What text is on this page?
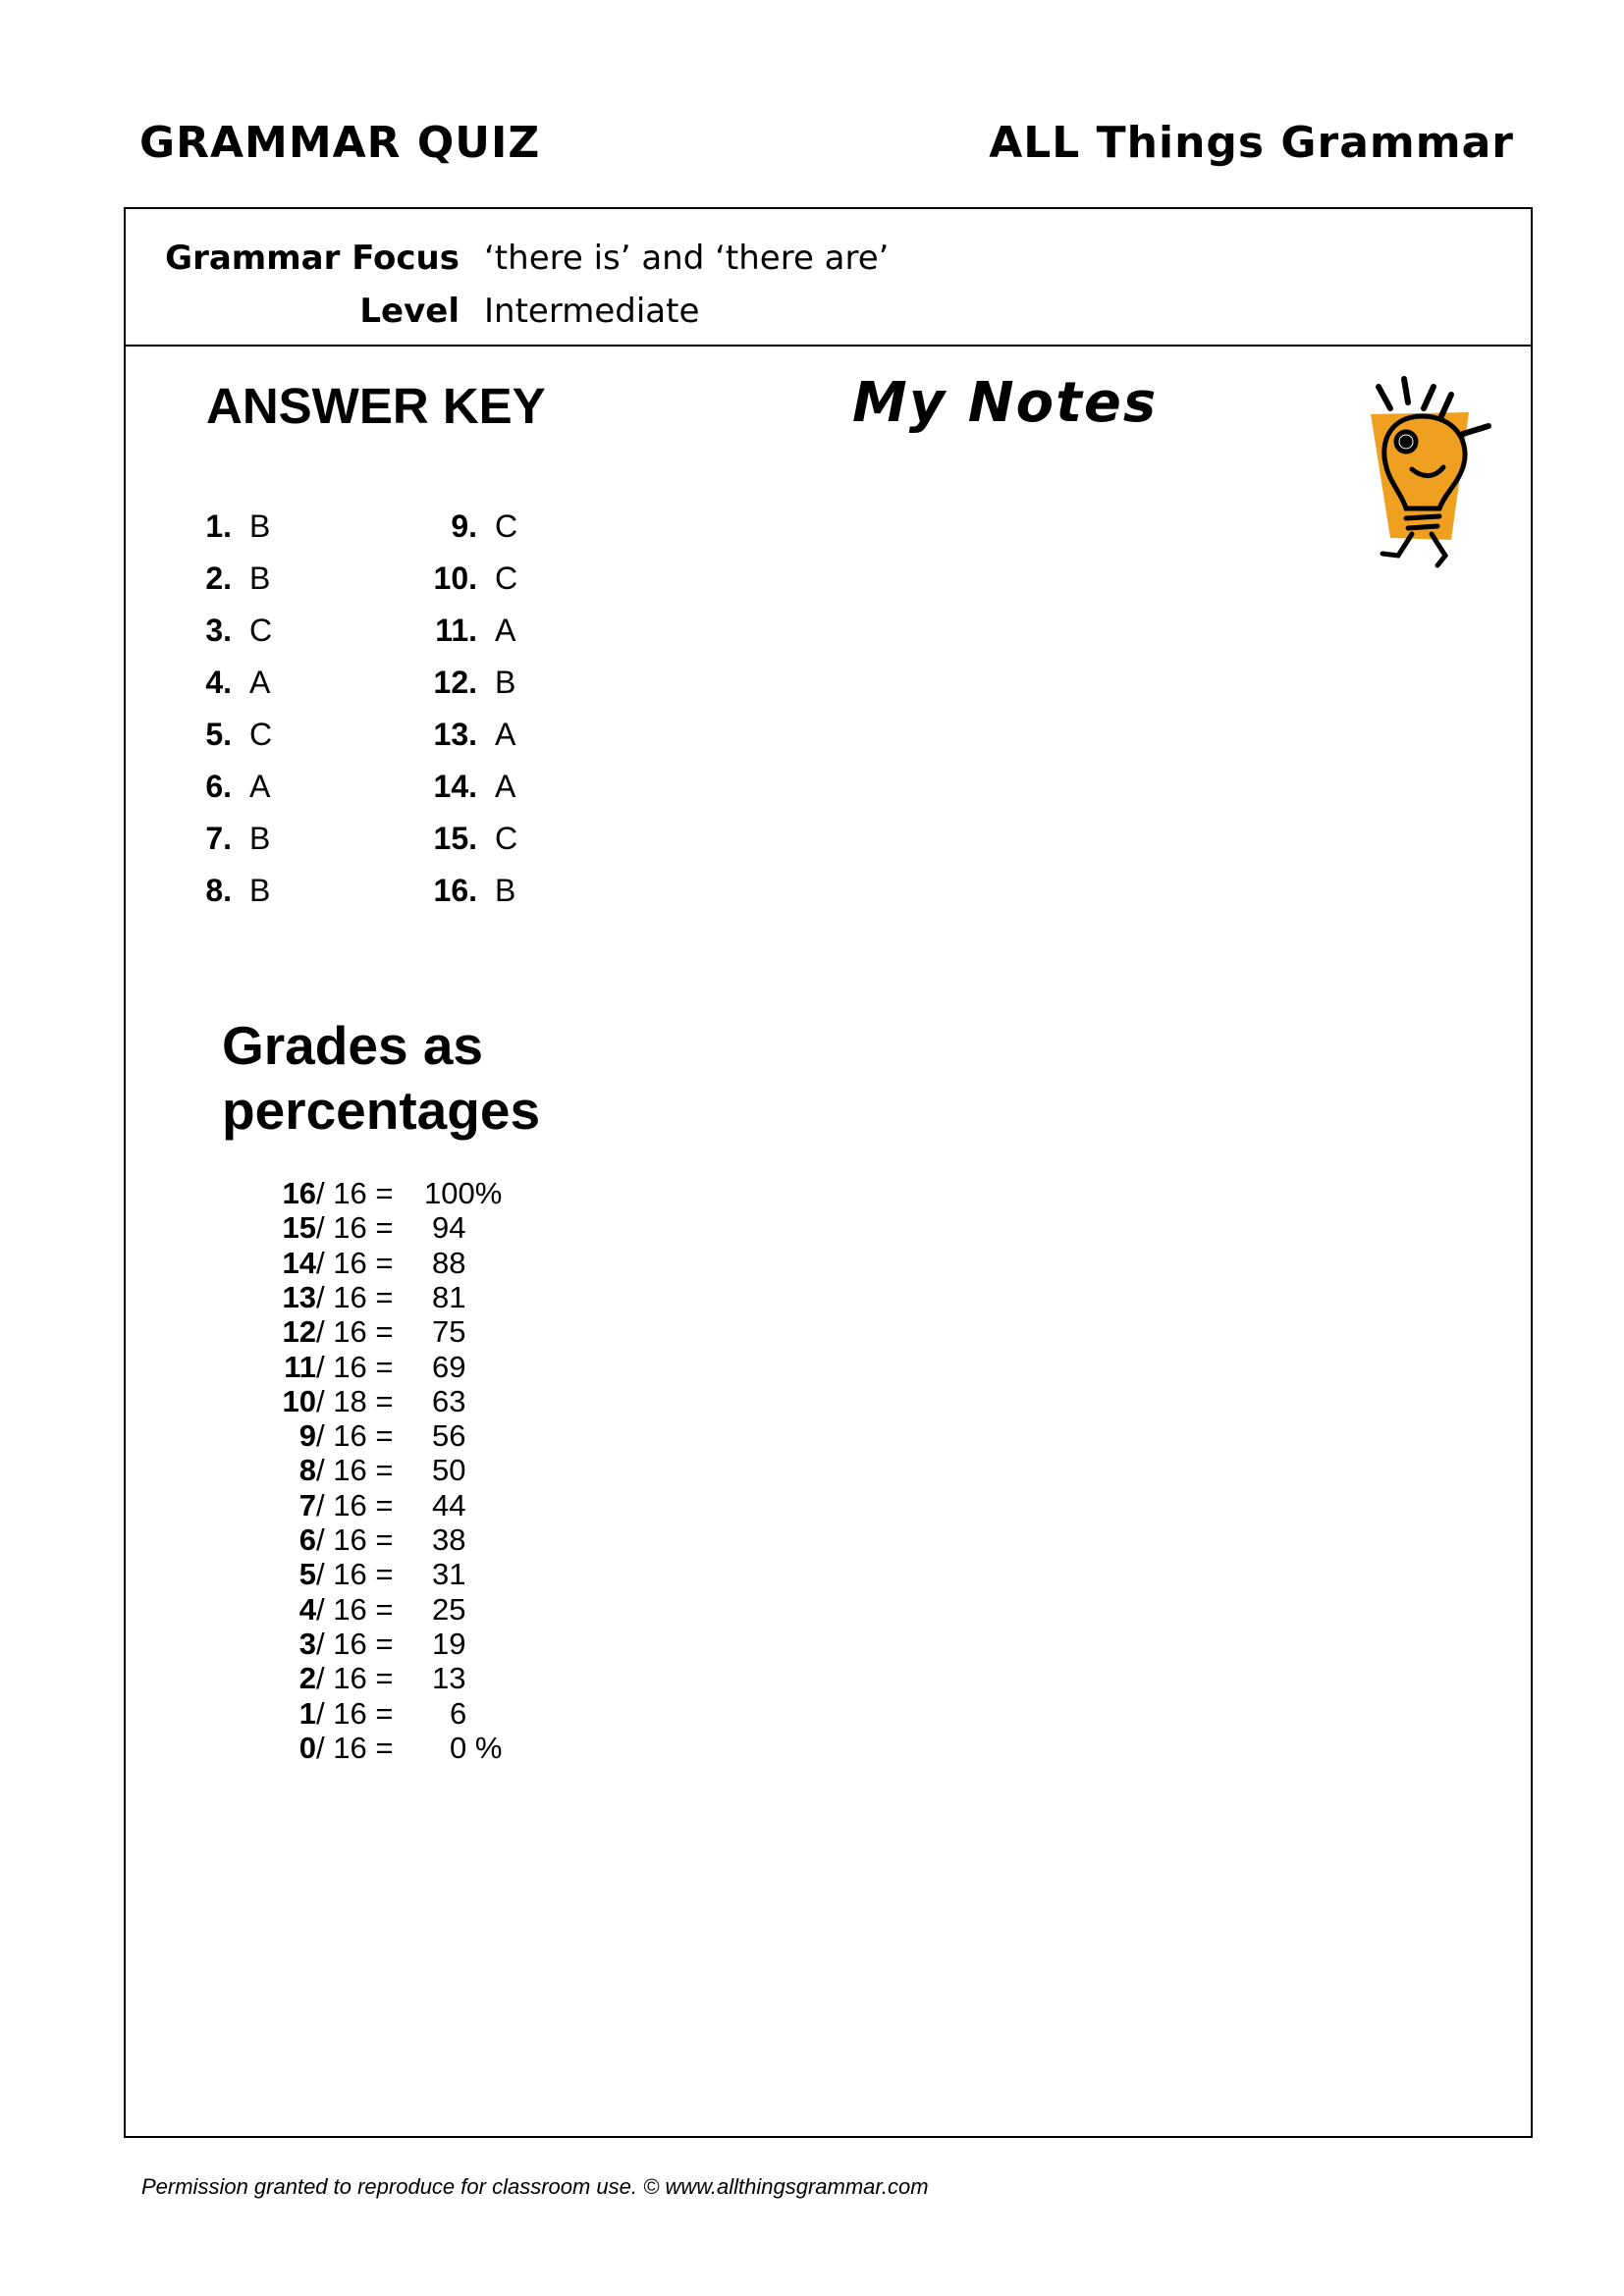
GRAMMAR QUIZ	ALL Things Grammar
Grammar Focus ‘there is’ and ‘there are’
Level Intermediate
ANSWER KEY	My Notes
1. B
2. B
3. C
4. A
5. C
6. A
7. B
8. B
9. C
10. C
11. A
12. B
13. A
14. A
15. C
16. B
Grades as percentages
16 / 16 = 100%
15 / 16 = 94
14 / 16 = 88
13 / 16 = 81
12 / 16 = 75
11 / 16 = 69
10 / 18 = 63
9 / 16 = 56
8 / 16 = 50
7 / 16 = 44
6 / 16 = 38
5 / 16 = 31
4 / 16 = 25
3 / 16 = 19
2 / 16 = 13
1 / 16 = 6
0 / 16 = 0 %
Permission granted to reproduce for classroom use. © www.allthingsgrammar.com
